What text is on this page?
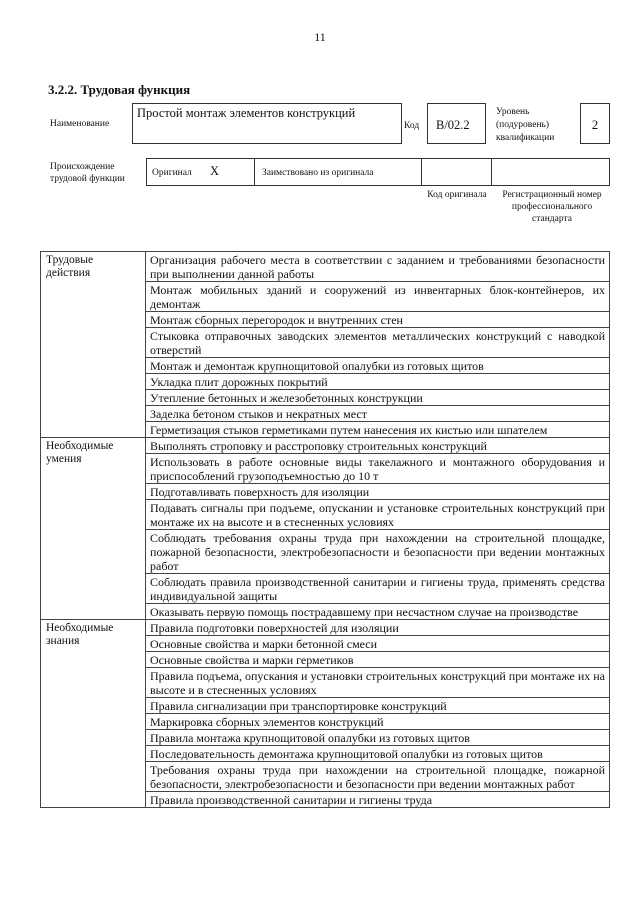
11
3.2.2. Трудовая функция
Наименование
Простой монтаж элементов конструкций
Код	B/02.2
Уровень (подуровень) квалификации
2
Происхождение трудовой функции
Оригинал X	Заимствовано из оригинала
Код оригинала	Регистрационный номер профессионального стандарта
Трудовые действия	Организация рабочего места в соответствии с заданием и требованиями безопасности при выполнении данной работы
	Монтаж мобильных зданий и сооружений из инвентарных блок-контейнеров, их демонтаж
	Монтаж сборных перегородок и внутренних стен
	Стыковка отправочных заводских элементов металлических конструкций с наводкой отверстий
	Монтаж и демонтаж крупнощитовой опалубки из готовых щитов
	Укладка плит дорожных покрытий
	Утепление бетонных и железобетонных конструкции
	Заделка бетоном стыков и некратных мест
	Герметизация стыков герметиками путем нанесения их кистью или шпателем
Необходимые умения	Выполнять строповку и расстроповку строительных конструкций
	Использовать в работе основные виды такелажного и монтажного оборудования и приспособлений грузоподъемностью до 10 т
	Подготавливать поверхность для изоляции
	Подавать сигналы при подъеме, опускании и установке строительных конструкций при монтаже их на высоте и в стесненных условиях
	Соблюдать требования охраны труда при нахождении на строительной площадке, пожарной безопасности, электробезопасности и безопасности при ведении монтажных работ
	Соблюдать правила производственной санитарии и гигиены труда, применять средства индивидуальной защиты
	Оказывать первую помощь пострадавшему при несчастном случае на производстве
Необходимые знания	Правила подготовки поверхностей для изоляции
	Основные свойства и марки бетонной смеси
	Основные свойства и марки герметиков
	Правила подъема, опускания и установки строительных конструкций при монтаже их на высоте и в стесненных условиях
	Правила сигнализации при транспортировке конструкций
	Маркировка сборных элементов конструкций
	Правила монтажа крупнощитовой опалубки из готовых щитов
	Последовательность демонтажа крупнощитовой опалубки из готовых щитов
	Требования охраны труда при нахождении на строительной площадке, пожарной безопасности, электробезопасности и безопасности при ведении монтажных работ
	Правила производственной санитарии и гигиены труда
